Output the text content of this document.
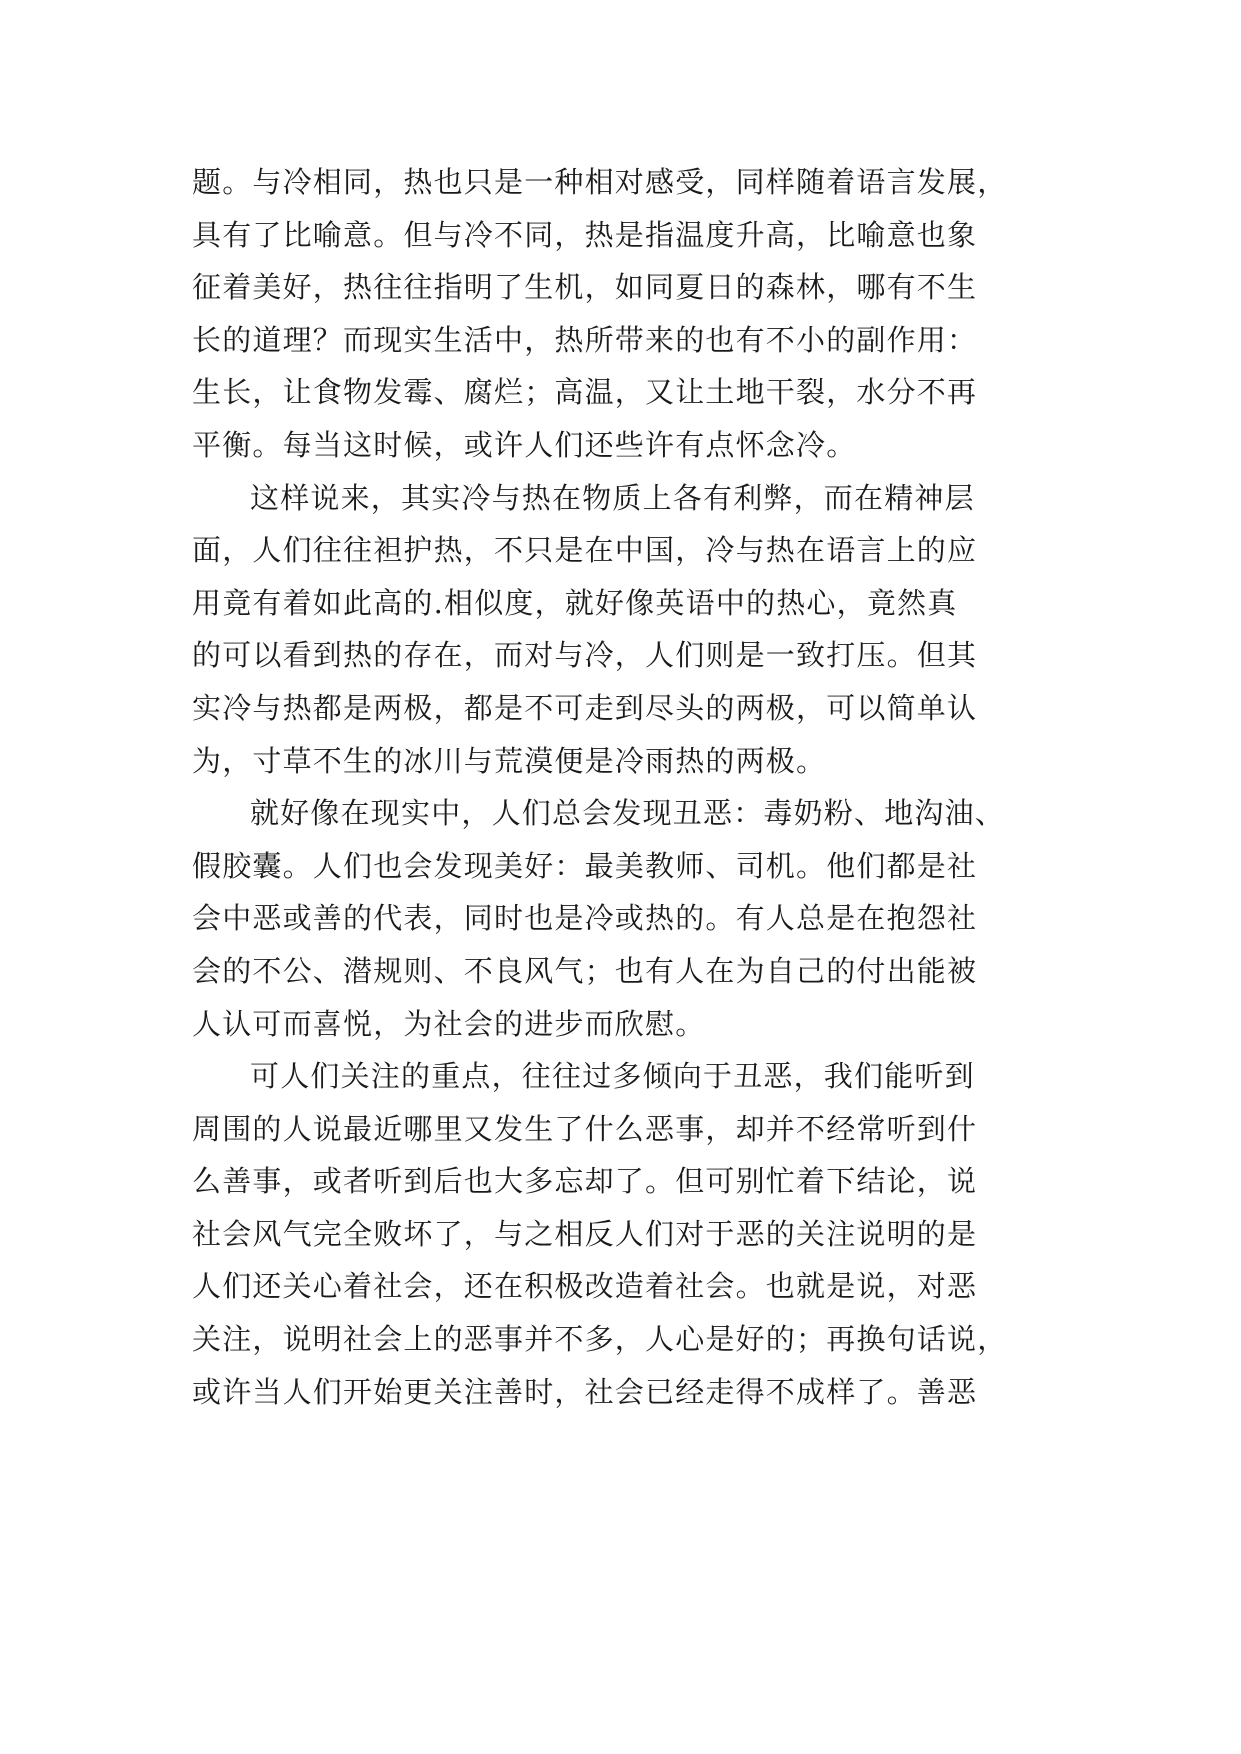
题。与冷相同，热也只是一种相对感受，同样随着语言发展，
具有了比喻意。但与冷不同，热是指温度升高，比喻意也象
征着美好，热往往指明了生机，如同夏日的森林，哪有不生
长的道理？而现实生活中，热所带来的也有不小的副作用：
生长，让食物发霉、腐烂；高温，又让土地干裂，水分不再
平衡。每当这时候，或许人们还些许有点怀念冷。
这样说来，其实冷与热在物质上各有利弊，而在精神层
面，人们往往袒护热，不只是在中国，冷与热在语言上的应
用竟有着如此高的.相似度，就好像英语中的热心，竟然真
的可以看到热的存在，而对与冷，人们则是一致打压。但其
实冷与热都是两极，都是不可走到尽头的两极，可以简单认
为，寸草不生的冰川与荒漠便是冷雨热的两极。
就好像在现实中，人们总会发现丑恶：毒奶粉、地沟油、
假胶囊。人们也会发现美好：最美教师、司机。他们都是社
会中恶或善的代表，同时也是冷或热的。有人总是在抱怨社
会的不公、潜规则、不良风气；也有人在为自己的付出能被
人认可而喜悦，为社会的进步而欣慰。
可人们关注的重点，往往过多倾向于丑恶，我们能听到
周围的人说最近哪里又发生了什么恶事，却并不经常听到什
么善事，或者听到后也大多忘却了。但可别忙着下结论，说
社会风气完全败坏了，与之相反人们对于恶的关注说明的是
人们还关心着社会，还在积极改造着社会。也就是说，对恶
关注，说明社会上的恶事并不多，人心是好的；再换句话说，
或许当人们开始更关注善时，社会已经走得不成样了。善恶
